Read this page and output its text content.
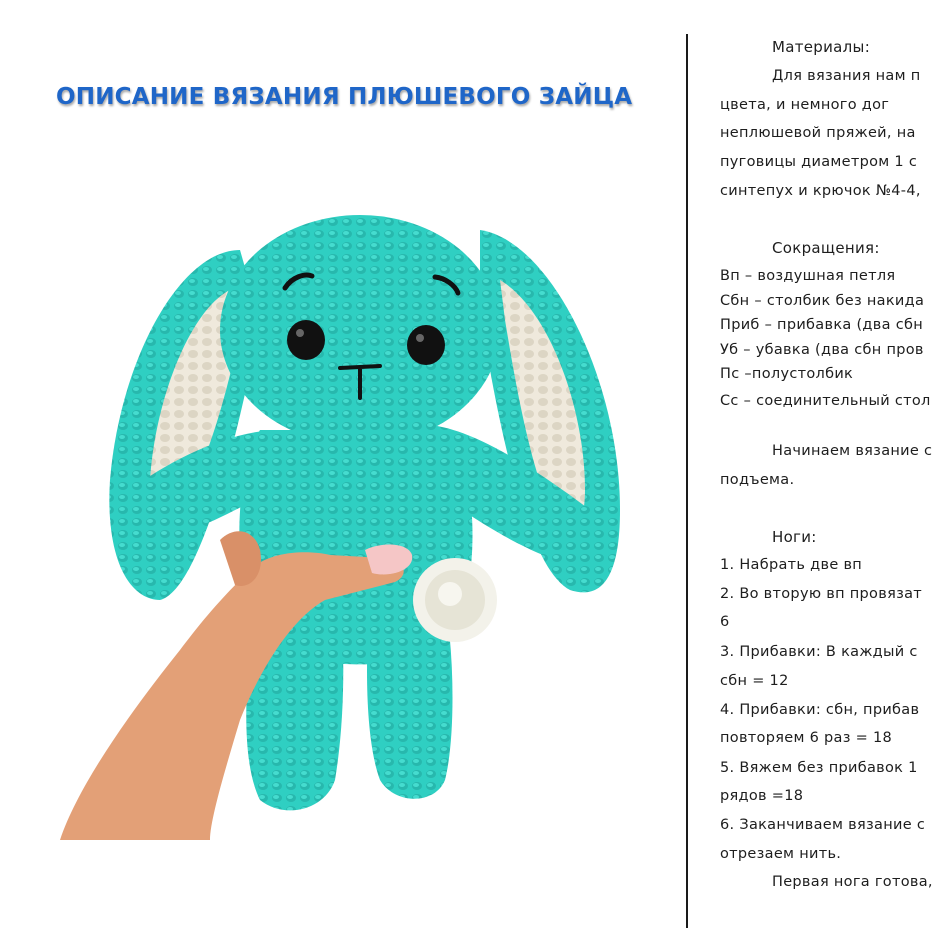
ОПИСАНИЕ ВЯЗАНИЯ ПЛЮШЕВОГО ЗАЙЦА
Материалы:
Для вязания нам п
цвета, и немного дог
неплюшевой пряжей, на
пуговицы диаметром 1 с
синтепух и крючок №4-4,
Сокращения:
Вп – воздушная петля
Сбн – столбик без накида
Приб – прибавка (два сбн
Уб – убавка (два сбн пров
Пс –полустолбик
Сс – соединительный стол
Начинаем вязание с
подъема.
Ноги:
1. Набрать две вп
2. Во вторую вп провязат
6
3. Прибавки: В каждый с
сбн = 12
4. Прибавки: сбн, прибав
повторяем 6 раз = 18
5. Вяжем без прибавок 1
рядов =18
6. Заканчиваем вязание с
отрезаем нить.
Первая нога готова,
